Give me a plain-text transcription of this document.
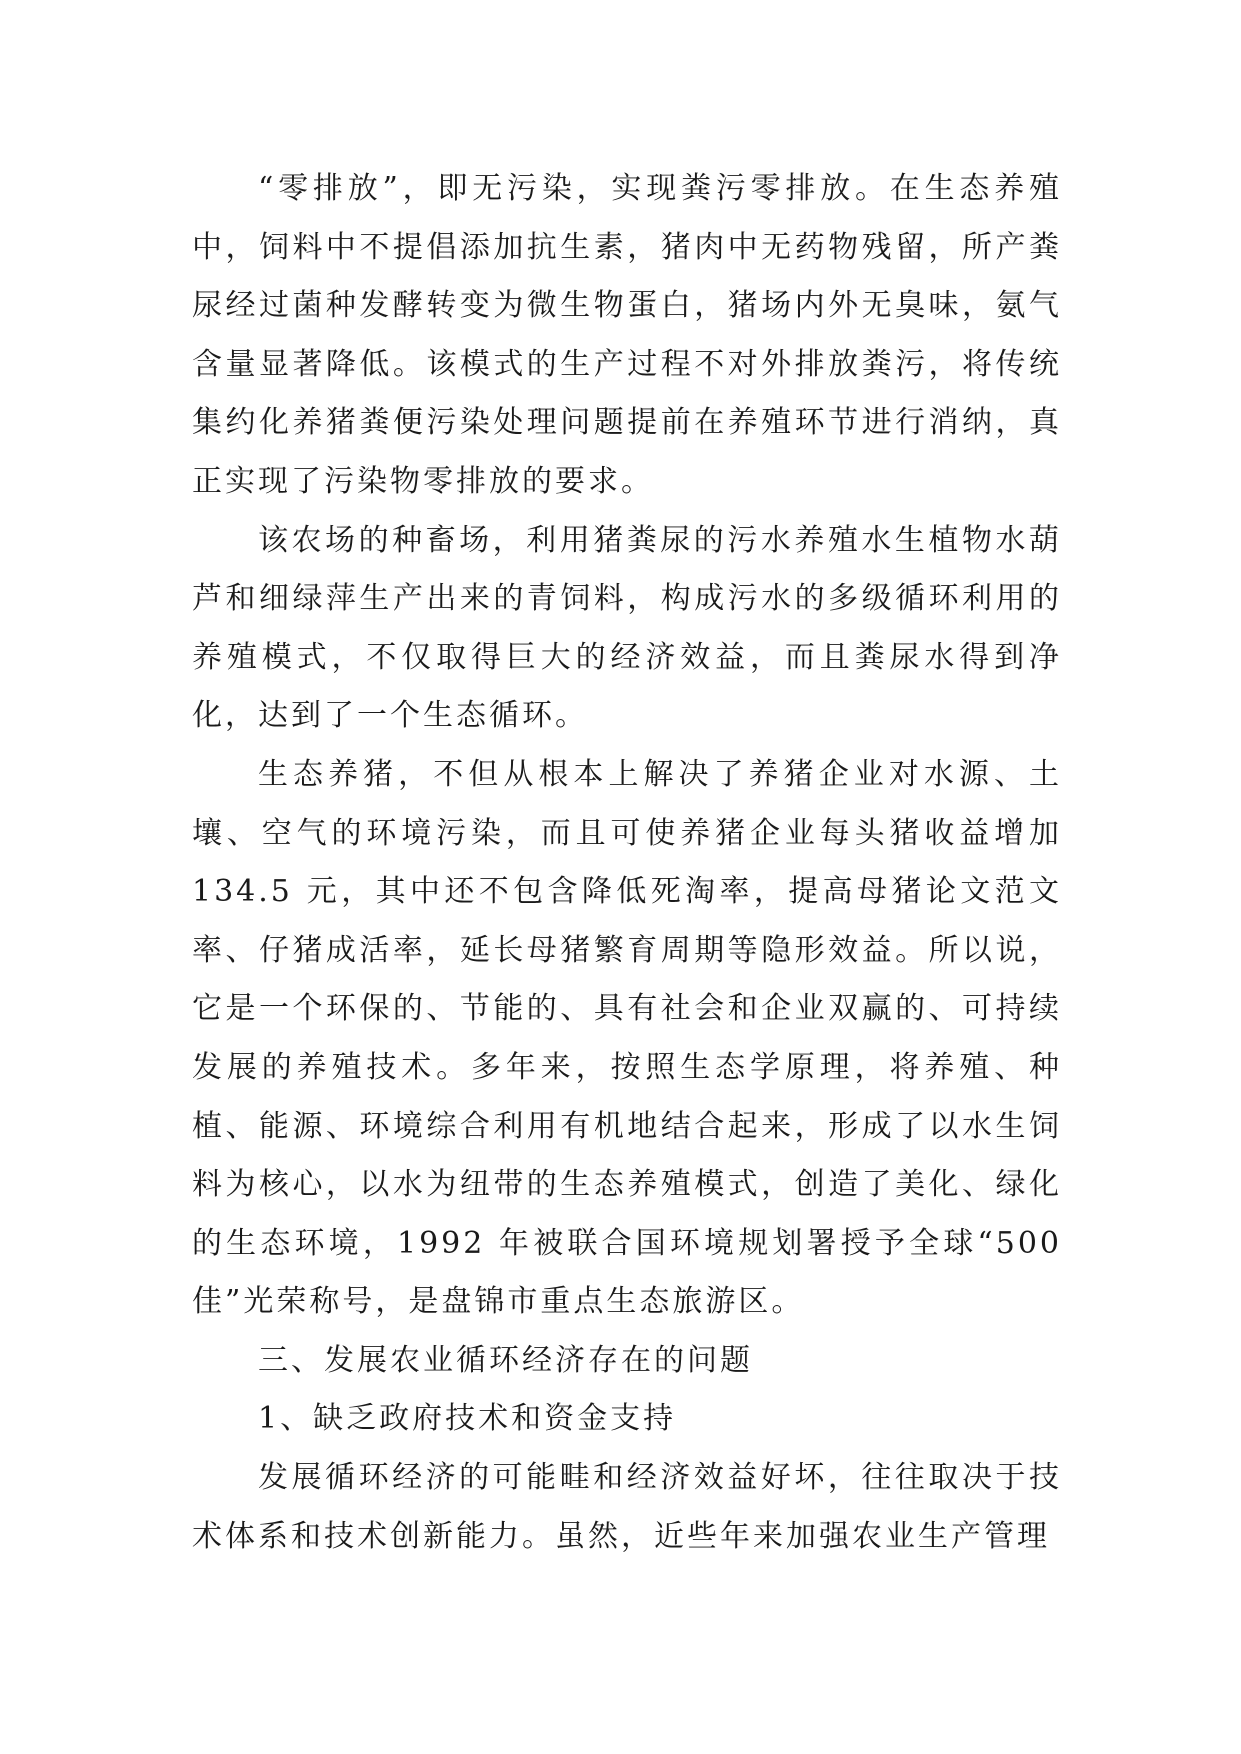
“零排放”，即无污染，实现粪污零排放。在生态养殖中，饲料中不提倡添加抗生素，猪肉中无药物残留，所产粪尿经过菌种发酵转变为微生物蛋白，猪场内外无臭味，氨气含量显著降低。该模式的生产过程不对外排放粪污，将传统集约化养猪粪便污染处理问题提前在养殖环节进行消纳，真正实现了污染物零排放的要求。

该农场的种畜场，利用猪粪尿的污水养殖水生植物水葫芦和细绿萍生产出来的青饲料，构成污水的多级循环利用的养殖模式，不仅取得巨大的经济效益，而且粪尿水得到净化，达到了一个生态循环。

生态养猪，不但从根本上解决了养猪企业对水源、土壤、空气的环境污染，而且可使养猪企业每头猪收益增加 134.5 元，其中还不包含降低死淘率，提高母猪论文范文率、仔猪成活率，延长母猪繁育周期等隐形效益。所以说，它是一个环保的、节能的、具有社会和企业双赢的、可持续发展的养殖技术。多年来，按照生态学原理，将养殖、种植、能源、环境综合利用有机地结合起来，形成了以水生饲料为核心，以水为纽带的生态养殖模式，创造了美化、绿化的生态环境，1992 年被联合国环境规划署授予全球“500 佳”光荣称号，是盘锦市重点生态旅游区。

三、发展农业循环经济存在的问题

1、缺乏政府技术和资金支持

发展循环经济的可能畦和经济效益好坏，往往取决于技术体系和技术创新能力。虽然，近些年来加强农业生产管理
